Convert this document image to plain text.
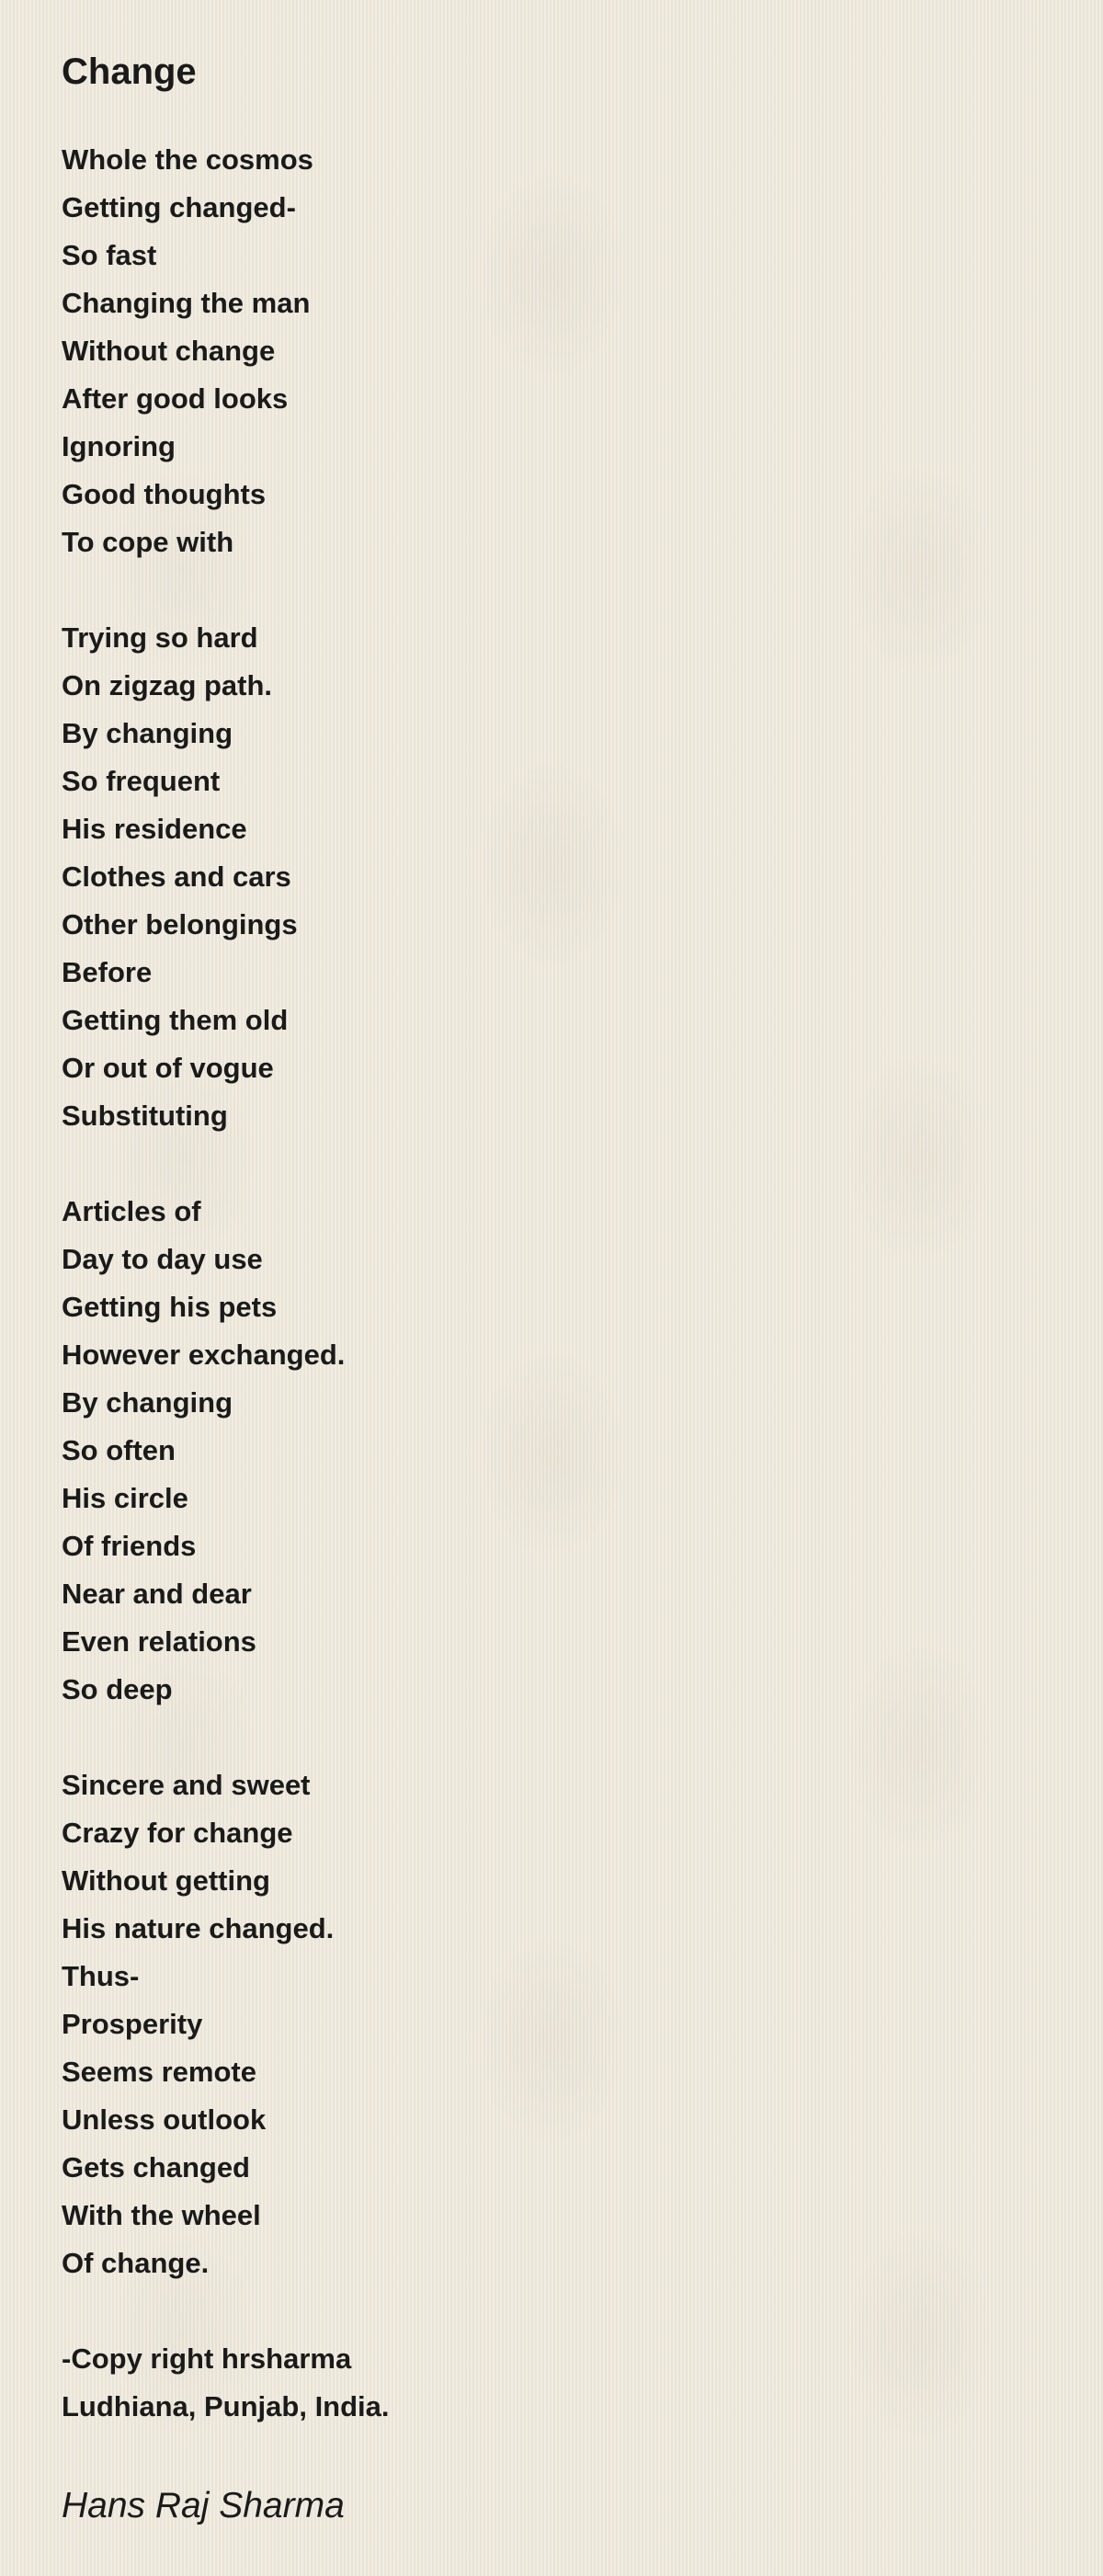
Change
Whole the cosmos
Getting changed-
So fast
Changing the man
Without change
After good looks
Ignoring
Good thoughts
To cope with
Trying so hard
On zigzag path.
By changing
So frequent
His residence
Clothes and cars
Other belongings
Before
Getting them old
Or out of vogue
Substituting
Articles of
Day to day use
Getting his pets
However exchanged.
By changing
So often
His circle
Of friends
Near and dear
Even relations
So deep
Sincere and sweet
Crazy for change
Without getting
His nature changed.
Thus-
Prosperity
Seems remote
Unless outlook
Gets changed
With the wheel
Of change.
-Copy right hrsharma
Ludhiana, Punjab, India.
Hans Raj Sharma
